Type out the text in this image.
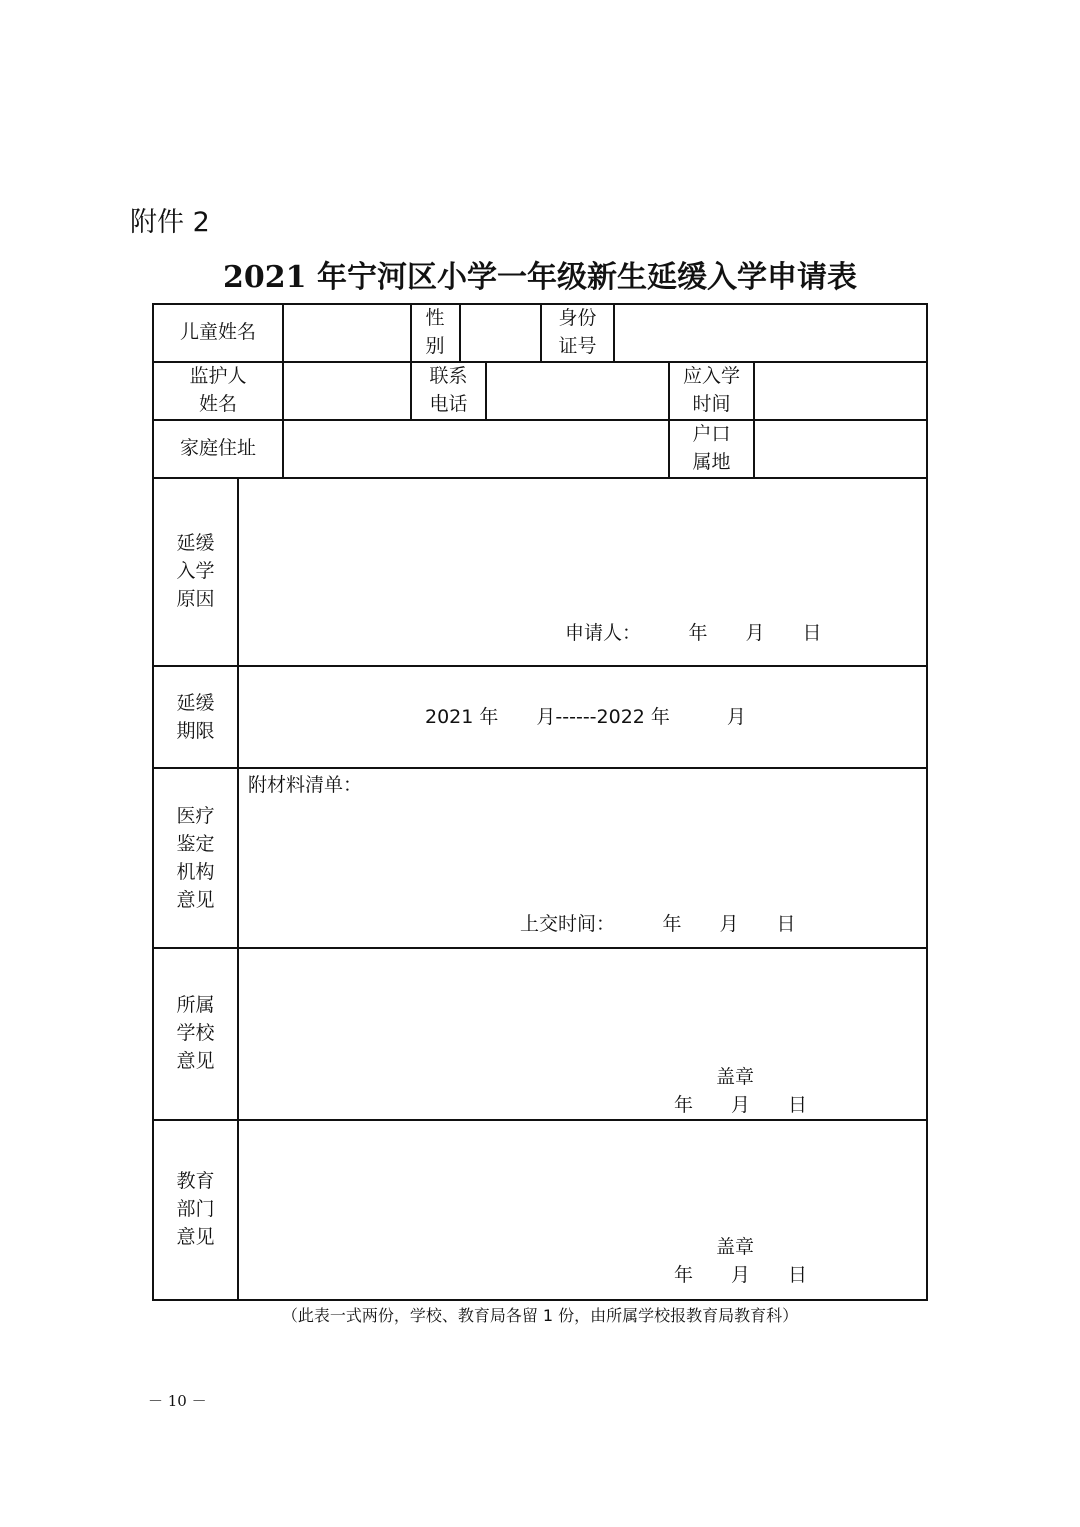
附件 2
2021 年宁河区小学一年级新生延缓入学申请表
儿童姓名
性
别
身份
证号
监护人
姓名
联系
电话
应入学
时间
家庭住址
户口
属地
延缓
入学
原因
申请人：　　　年　　月　　日
延缓
期限
2021 年　　月------2022 年　　　月
医疗
鉴定
机构
意见
附材料清单：
上交时间：　　　年　　月　　日
所属
学校
意见
盖章
年　　月　　日
教育
部门
意见	盖章
年　　月　　日
（此表一式两份，学校、教育局各留 1 份，由所属学校报教育局教育科）
－ 10 －
